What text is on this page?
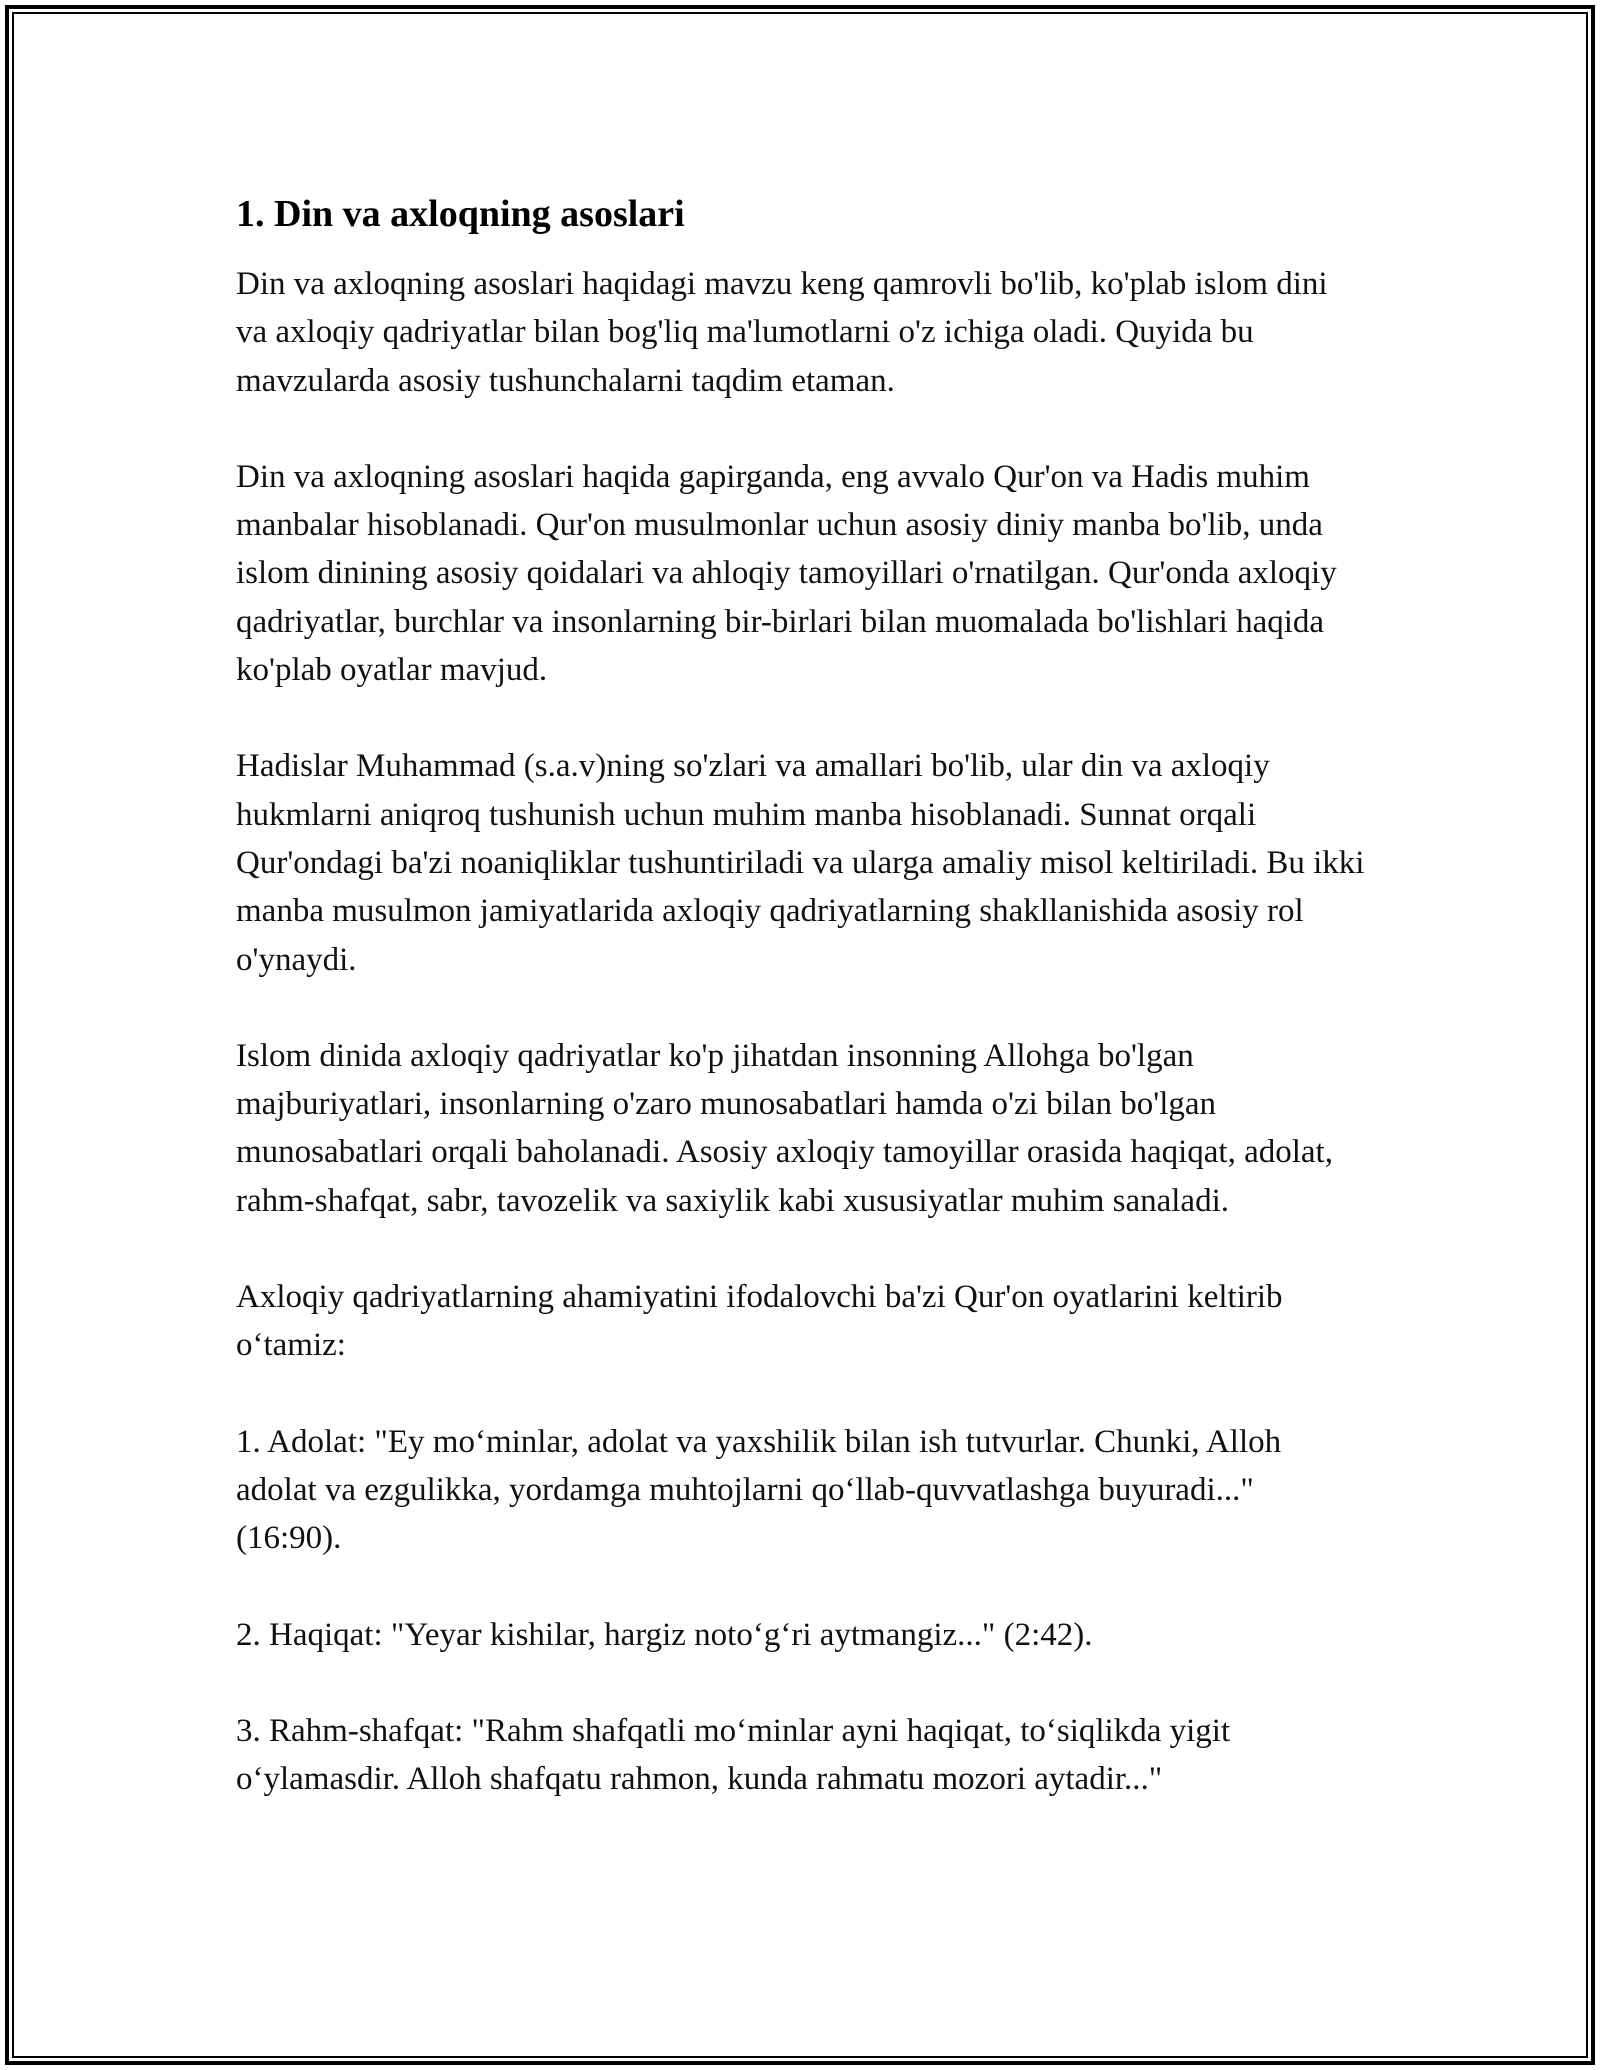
1. Din va axloqning asoslari

Din va axloqning asoslari haqidagi mavzu keng qamrovli bo'lib, ko'plab islom dini va axloqiy qadriyatlar bilan bog'liq ma'lumotlarni o'z ichiga oladi. Quyida bu mavzularda asosiy tushunchalarni taqdim etaman.

Din va axloqning asoslari haqida gapirganda, eng avvalo Qur'on va Hadis muhim manbalar hisoblanadi. Qur'on musulmonlar uchun asosiy diniy manba bo'lib, unda islom dinining asosiy qoidalari va ahloqiy tamoyillari o'rnatilgan. Qur'onda axloqiy qadriyatlar, burchlar va insonlarning bir-birlari bilan muomalada bo'lishlari haqida ko'plab oyatlar mavjud.

Hadislar Muhammad (s.a.v)ning so'zlari va amallari bo'lib, ular din va axloqiy hukmlarni aniqroq tushunish uchun muhim manba hisoblanadi. Sunnat orqali Qur'ondagi ba'zi noaniqliklar tushuntiriladi va ularga amaliy misol keltiriladi. Bu ikki manba musulmon jamiyatlarida axloqiy qadriyatlarning shakllanishida asosiy rol o'ynaydi.

Islom dinida axloqiy qadriyatlar ko'p jihatdan insonning Allohga bo'lgan majburiyatlari, insonlarning o'zaro munosabatlari hamda o'zi bilan bo'lgan munosabatlari orqali baholanadi. Asosiy axloqiy tamoyillar orasida haqiqat, adolat, rahm-shafqat, sabr, tavozelik va saxiylik kabi xususiyatlar muhim sanaladi.

Axloqiy qadriyatlarning ahamiyatini ifodalovchi ba'zi Qur'on oyatlarini keltirib o‘tamiz:

1. Adolat: "Ey mo‘minlar, adolat va yaxshilik bilan ish tutvurlar. Chunki, Alloh adolat va ezgulikka, yordamga muhtojlarni qo‘llab-quvvatlashga buyuradi..." (16:90).

2. Haqiqat: "Yeyar kishilar, hargiz noto‘g‘ri aytmangiz..." (2:42).

3. Rahm-shafqat: "Rahm shafqatli mo‘minlar ayni haqiqat, to‘siqlikda yigit o‘ylamasdir. Alloh shafqatu rahmon, kunda rahmatu mozori aytadir..."
